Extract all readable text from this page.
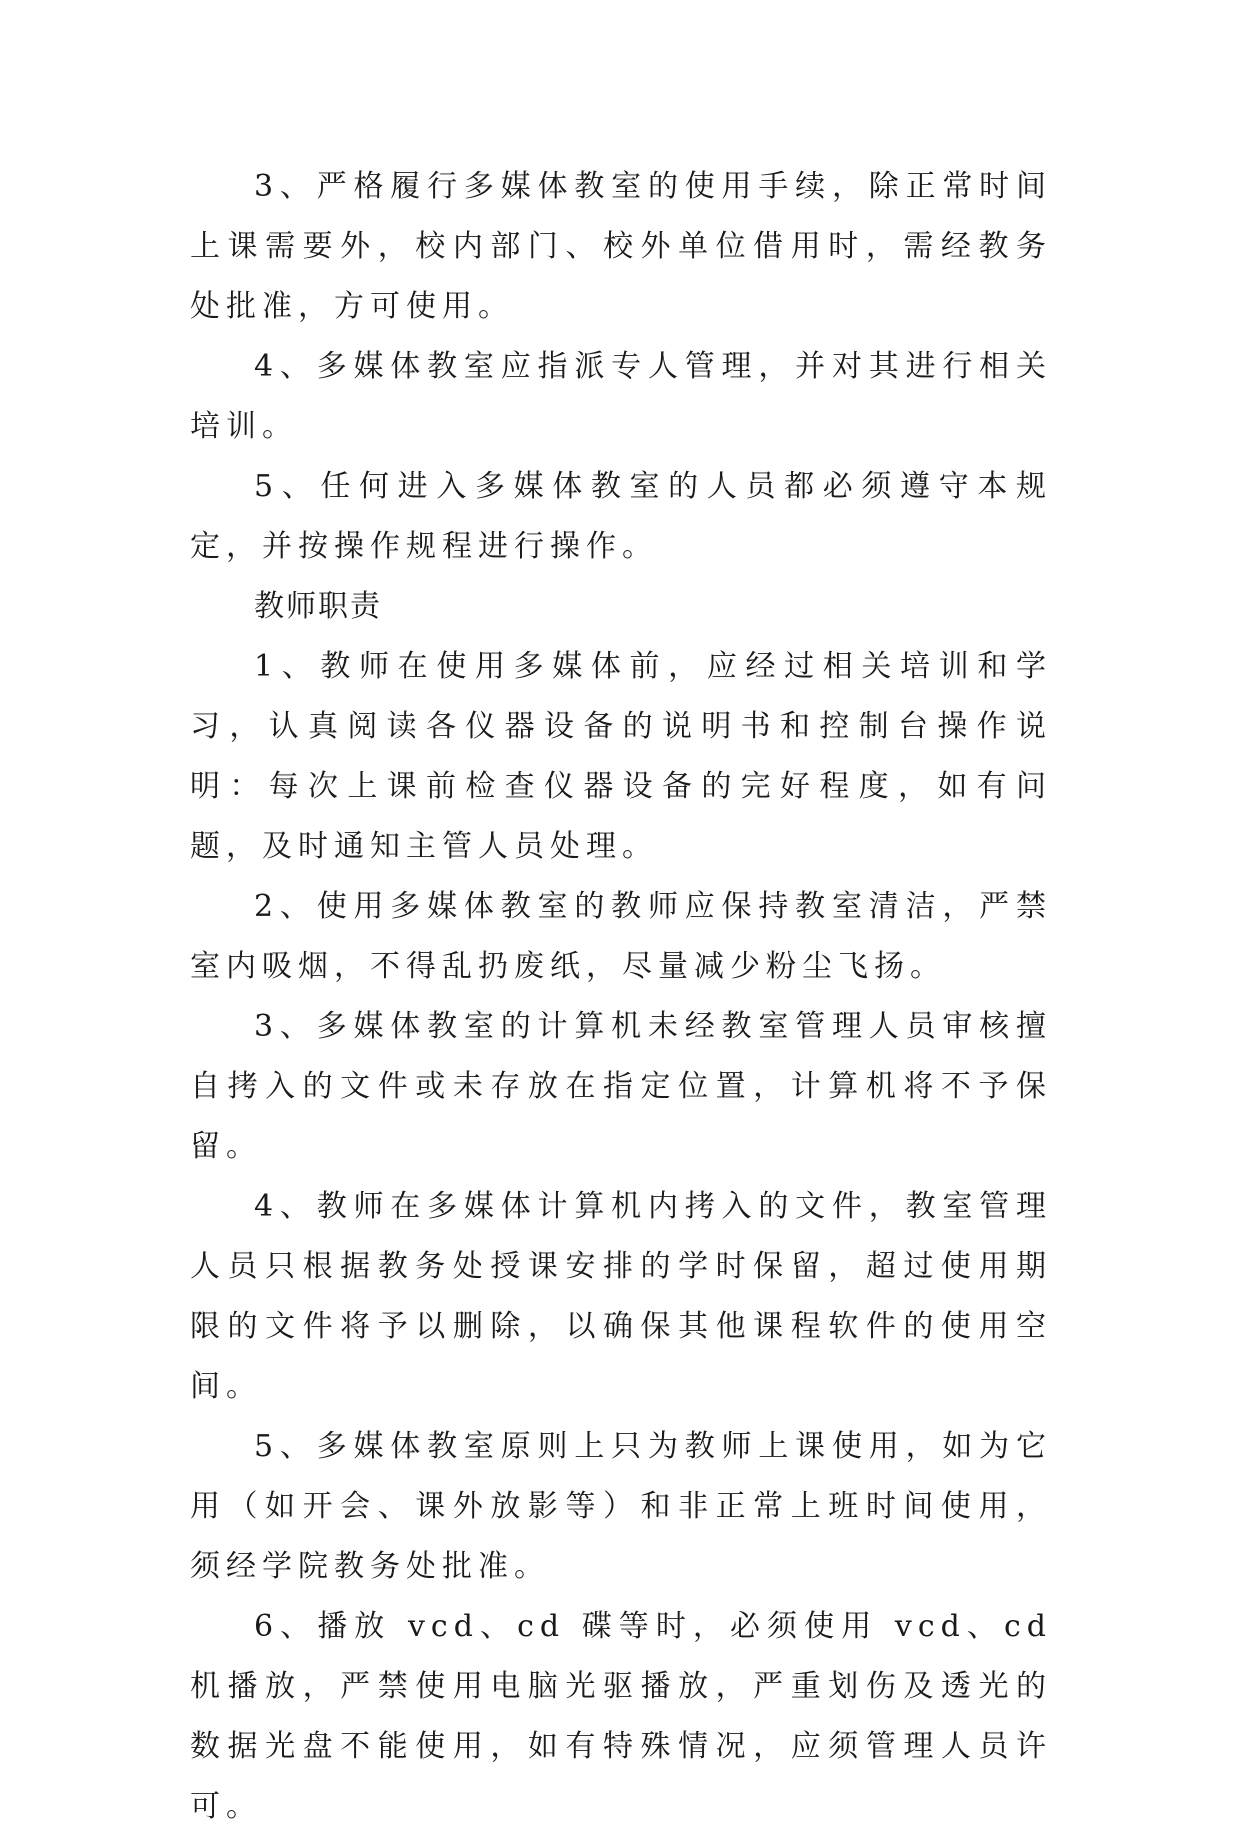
3、严格履行多媒体教室的使用手续，除正常时间上课需要外，校内部门、校外单位借用时，需经教务处批准，方可使用。

4、多媒体教室应指派专人管理，并对其进行相关培训。

5、任何进入多媒体教室的人员都必须遵守本规定，并按操作规程进行操作。

教师职责

1、教师在使用多媒体前，应经过相关培训和学习，认真阅读各仪器设备的说明书和控制台操作说明：每次上课前检查仪器设备的完好程度，如有问题，及时通知主管人员处理。

2、使用多媒体教室的教师应保持教室清洁，严禁室内吸烟，不得乱扔废纸，尽量减少粉尘飞扬。

3、多媒体教室的计算机未经教室管理人员审核擅自拷入的文件或未存放在指定位置，计算机将不予保留。

4、教师在多媒体计算机内拷入的文件，教室管理人员只根据教务处授课安排的学时保留，超过使用期限的文件将予以删除，以确保其他课程软件的使用空间。

5、多媒体教室原则上只为教师上课使用，如为它用（如开会、课外放影等）和非正常上班时间使用，须经学院教务处批准。

6、播放 vcd、cd 碟等时，必须使用 vcd、cd 机播放，严禁使用电脑光驱播放，严重划伤及透光的数据光盘不能使用，如有特殊情况，应须管理人员许可。
